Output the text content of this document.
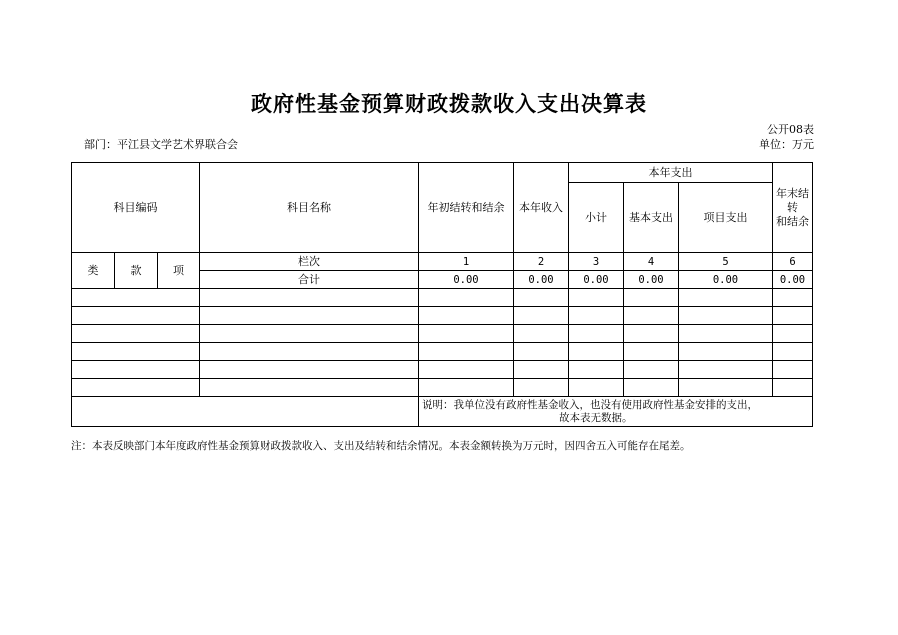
政府性基金预算财政拨款收入支出决算表
公开08表
部门：平江县文学艺术界联合会	单位：万元
科目编码			科目名称	年初结转和结余	本年收入	本年支出			年末结转
和结余
						小计	基本支出	项目支出	
类	款	项	栏次	1	2	3	4	5	6
			合计	0.00	0.00	0.00	0.00	0.00	0.00

				说明：我单位没有政府性基金收入，也没有使用政府性基金安排的支出，
故本表无数据。					

注：本表反映部门本年度政府性基金预算财政拨款收入、支出及结转和结余情况。本表金额转换为万元时，因四舍五入可能存在尾差。
